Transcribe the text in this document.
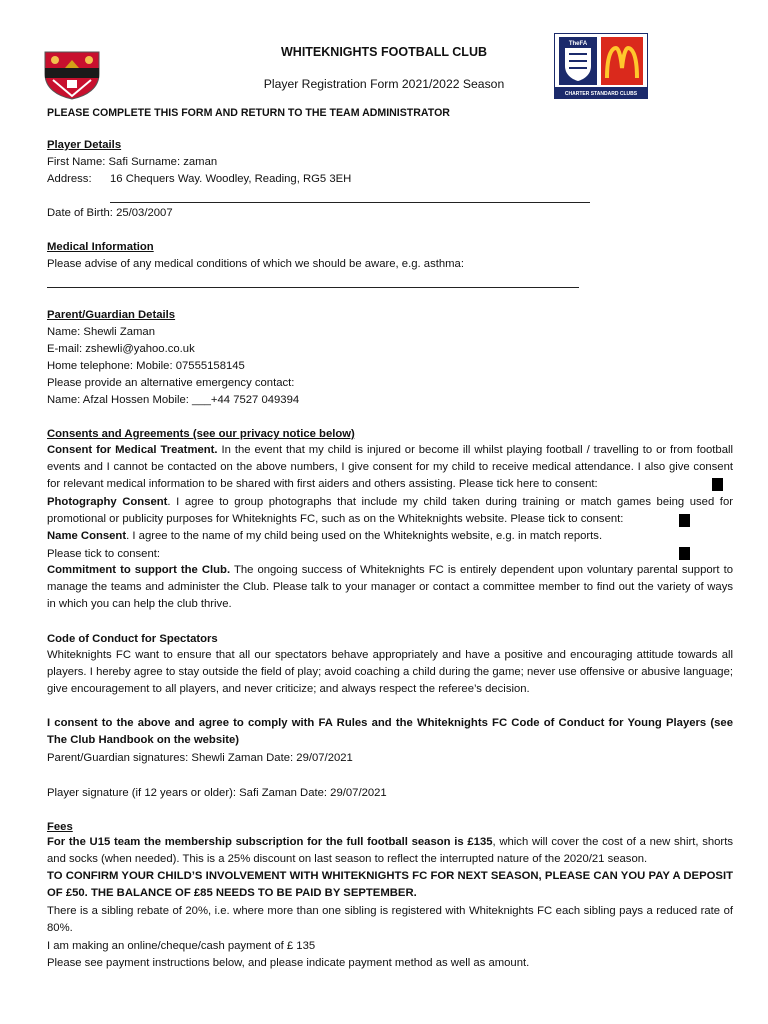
TheFA
CHARTER STANDARD CLUBS
WHITEKNIGHTS FOOTBALL CLUB
Player Registration Form 2021/2022 Season
PLEASE COMPLETE THIS FORM AND RETURN TO THE TEAM ADMINISTRATOR
Player Details
First Name: Safi Surname: zaman
Address: 16 Chequers Way. Woodley, Reading, RG5 3EH
Date of Birth: 25/03/2007
Medical Information
Please advise of any medical conditions of which we should be aware, e.g. asthma:
Parent/Guardian Details
Name: Shewli Zaman
E-mail: zshewli@yahoo.co.uk
Home telephone: Mobile: 07555158145
Please provide an alternative emergency contact:
Name: Afzal Hossen Mobile: ___+44 7527 049394
Consents and Agreements (see our privacy notice below)
Consent for Medical Treatment. In the event that my child is injured or become ill whilst playing football / travelling to or from football events and I cannot be contacted on the above numbers, I give consent for my child to receive medical attendance. I also give consent for relevant medical information to be shared with first aiders and others assisting. Please tick here to consent:
Photography Consent. I agree to group photographs that include my child taken during training or match games being used for promotional or publicity purposes for Whiteknights FC, such as on the Whiteknights website. Please tick to consent:
Name Consent. I agree to the name of my child being used on the Whiteknights website, e.g. in match reports.
Please tick to consent:
Commitment to support the Club. The ongoing success of Whiteknights FC is entirely dependent upon voluntary parental support to manage the teams and administer the Club. Please talk to your manager or contact a committee member to find out the variety of ways in which you can help the club thrive.
Code of Conduct for Spectators
Whiteknights FC want to ensure that all our spectators behave appropriately and have a positive and encouraging attitude towards all players. I hereby agree to stay outside the field of play; avoid coaching a child during the game; never use offensive or abusive language; give encouragement to all players, and never criticize; and always respect the referee’s decision.
I consent to the above and agree to comply with FA Rules and the Whiteknights FC Code of Conduct for Young Players (see The Club Handbook on the website)
Parent/Guardian signatures: Shewli Zaman Date: 29/07/2021
Player signature (if 12 years or older): Safi Zaman Date: 29/07/2021
Fees
For the U15 team the membership subscription for the full football season is £135, which will cover the cost of a new shirt, shorts and socks (when needed). This is a 25% discount on last season to reflect the interrupted nature of the 2020/21 season.
TO CONFIRM YOUR CHILD’S INVOLVEMENT WITH WHITEKNIGHTS FC FOR NEXT SEASON, PLEASE CAN YOU PAY A DEPOSIT OF £50. THE BALANCE OF £85 NEEDS TO BE PAID BY SEPTEMBER.
There is a sibling rebate of 20%, i.e. where more than one sibling is registered with Whiteknights FC each sibling pays a reduced rate of 80%.
I am making an online/cheque/cash payment of £ 135
Please see payment instructions below, and please indicate payment method as well as amount.
